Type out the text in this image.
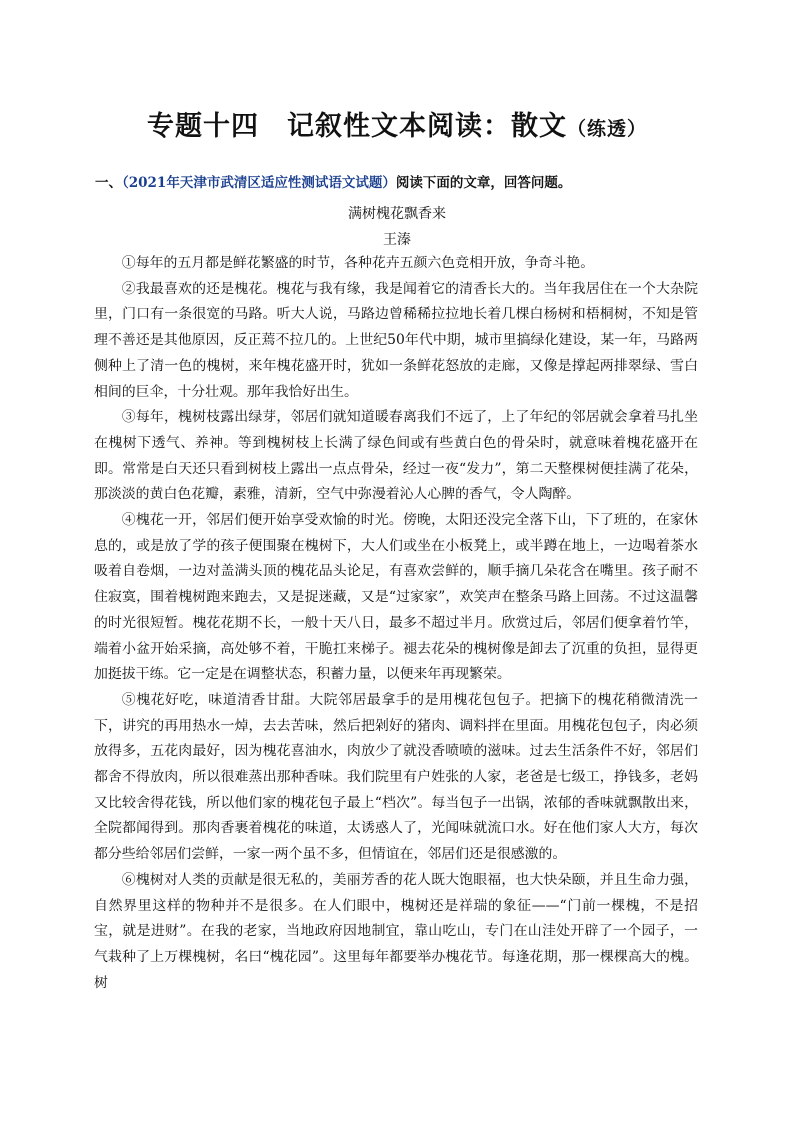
专题十四　记叙性文本阅读：散文（练透）
一、（2021年天津市武清区适应性测试语文试题）阅读下面的文章，回答问题。
满树槐花飘香来
王溱

①每年的五月都是鲜花繁盛的时节，各种花卉五颜六色竞相开放，争奇斗艳。

②我最喜欢的还是槐花。槐花与我有缘，我是闻着它的清香长大的。当年我居住在一个大杂院里，门口有一条很宽的马路。听大人说，马路边曾稀稀拉拉地长着几棵白杨树和梧桐树，不知是管理不善还是其他原因，反正蔫不拉几的。上世纪50年代中期，城市里搞绿化建设，某一年，马路两侧种上了清一色的槐树，来年槐花盛开时，犹如一条鲜花怒放的走廊，又像是撑起两排翠绿、雪白相间的巨伞，十分壮观。那年我恰好出生。

③每年，槐树枝露出绿芽，邻居们就知道暖春离我们不远了，上了年纪的邻居就会拿着马扎坐在槐树下透气、养神。等到槐树枝上长满了绿色间或有些黄白色的骨朵时，就意味着槐花盛开在即。常常是白天还只看到树枝上露出一点点骨朵，经过一夜“发力”，第二天整棵树便挂满了花朵，那淡淡的黄白色花瓣，素雅，清新，空气中弥漫着沁人心脾的香气，令人陶醉。

④槐花一开，邻居们便开始享受欢愉的时光。傍晚，太阳还没完全落下山，下了班的，在家休息的，或是放了学的孩子便围聚在槐树下，大人们或坐在小板凳上，或半蹲在地上，一边喝着茶水吸着自卷烟，一边对盖满头顶的槐花品头论足，有喜欢尝鲜的，顺手摘几朵花含在嘴里。孩子耐不住寂寞，围着槐树跑来跑去，又是捉迷藏，又是“过家家”，欢笑声在整条马路上回荡。不过这温馨的时光很短暂。槐花花期不长，一般十天八日，最多不超过半月。欣赏过后，邻居们便拿着竹竿，端着小盆开始采摘，高处够不着，干脆扛来梯子。褪去花朵的槐树像是卸去了沉重的负担，显得更加挺拔干练。它一定是在调整状态，积蓄力量，以便来年再现繁荣。

⑤槐花好吃，味道清香甘甜。大院邻居最拿手的是用槐花包包子。把摘下的槐花稍微清洗一下，讲究的再用热水一焯，去去苦味，然后把剁好的猪肉、调料拌在里面。用槐花包包子，肉必须放得多，五花肉最好，因为槐花喜油水，肉放少了就没香喷喷的滋味。过去生活条件不好，邻居们都舍不得放肉，所以很难蒸出那种香味。我们院里有户姓张的人家，老爸是七级工，挣钱多，老妈又比较舍得花钱，所以他们家的槐花包子最上“档次”。每当包子一出锅，浓郁的香味就飘散出来，全院都闻得到。那肉香裹着槐花的味道，太诱惑人了，光闻味就流口水。好在他们家人大方，每次都分些给邻居们尝鲜，一家一两个虽不多，但情谊在，邻居们还是很感激的。

⑥槐树对人类的贡献是很无私的，美丽芳香的花人既大饱眼福，也大快朵颐，并且生命力强，自然界里这样的物种并不是很多。在人们眼中，槐树还是祥瑞的象征——“门前一棵槐，不是招宝，就是进财”。在我的老家，当地政府因地制宜，靠山吃山，专门在山洼处开辟了一个园子，一气栽种了上万棵槐树，名曰“槐花园”。这里每年都要举办槐花节。每逢花期，那一棵棵高大的槐。树
